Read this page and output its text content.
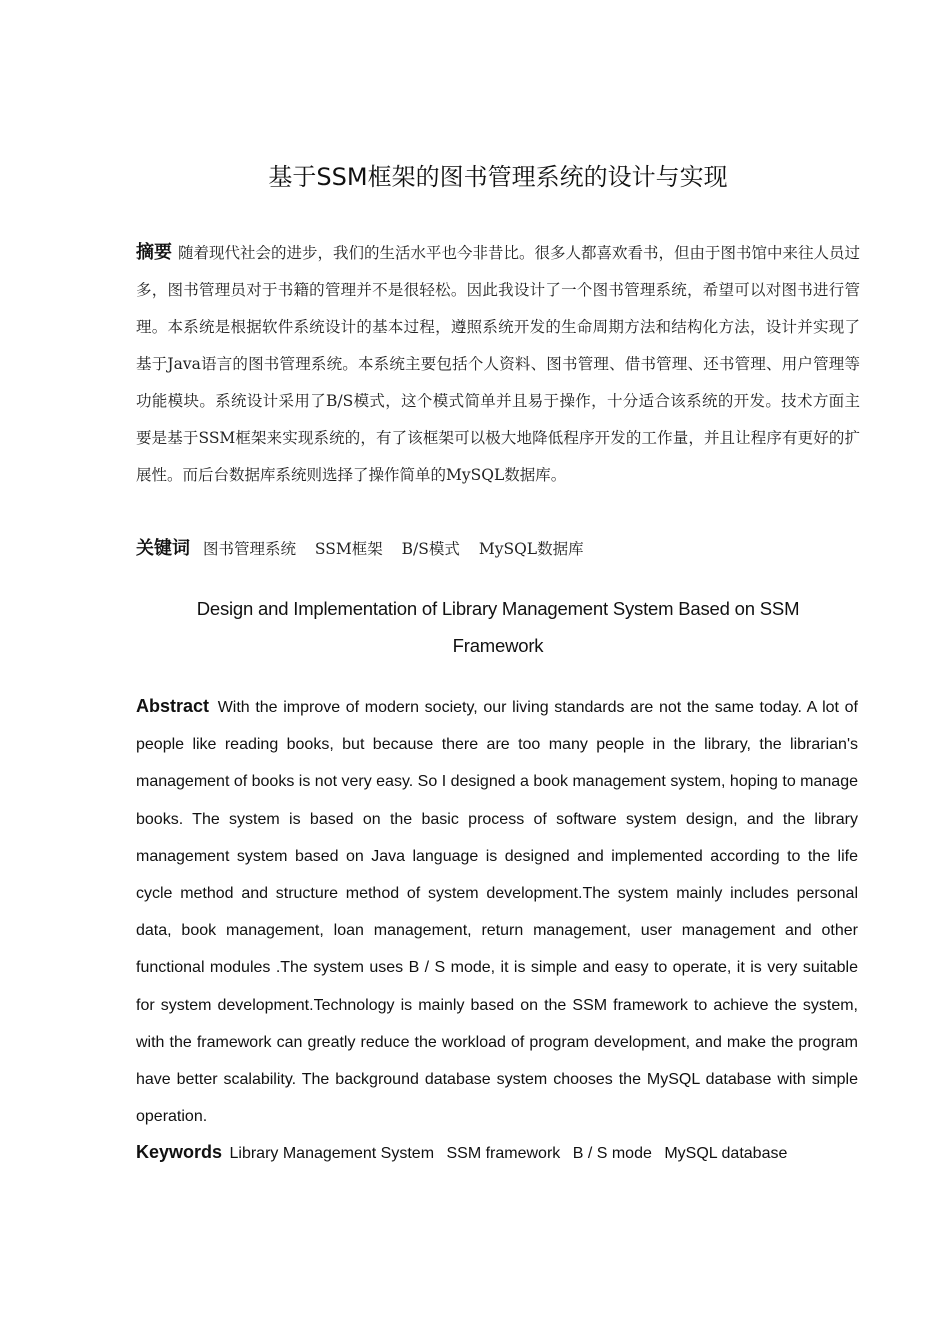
基于SSM框架的图书管理系统的设计与实现
摘要 随着现代社会的进步，我们的生活水平也今非昔比。很多人都喜欢看书，但由于图书馆中来往人员过多，图书管理员对于书籍的管理并不是很轻松。因此我设计了一个图书管理系统，希望可以对图书进行管理。本系统是根据软件系统设计的基本过程，遵照系统开发的生命周期方法和结构化方法，设计并实现了基于Java语言的图书管理系统。本系统主要包括个人资料、图书管理、借书管理、还书管理、用户管理等功能模块。系统设计采用了B/S模式，这个模式简单并且易于操作，十分适合该系统的开发。技术方面主要是基于SSM框架来实现系统的，有了该框架可以极大地降低程序开发的工作量，并且让程序有更好的扩展性。而后台数据库系统则选择了操作简单的MySQL数据库。
关键词 图书管理系统 SSM框架 B/S模式 MySQL数据库
Design and Implementation of Library Management System Based on SSM Framework
Abstract With the improve of modern society, our living standards are not the same today. A lot of people like reading books, but because there are too many people in the library, the librarian's management of books is not very easy. So I designed a book management system, hoping to manage books. The system is based on the basic process of software system design, and the library management system based on Java language is designed and implemented according to the life cycle method and structure method of system development.The system mainly includes personal data, book management, loan management, return management, user management and other functional modules .The system uses B / S mode, it is simple and easy to operate, it is very suitable for system development.Technology is mainly based on the SSM framework to achieve the system, with the framework can greatly reduce the workload of program development, and make the program have better scalability. The background database system chooses the MySQL database with simple operation.
Keywords Library Management System SSM framework B / S mode MySQL database
